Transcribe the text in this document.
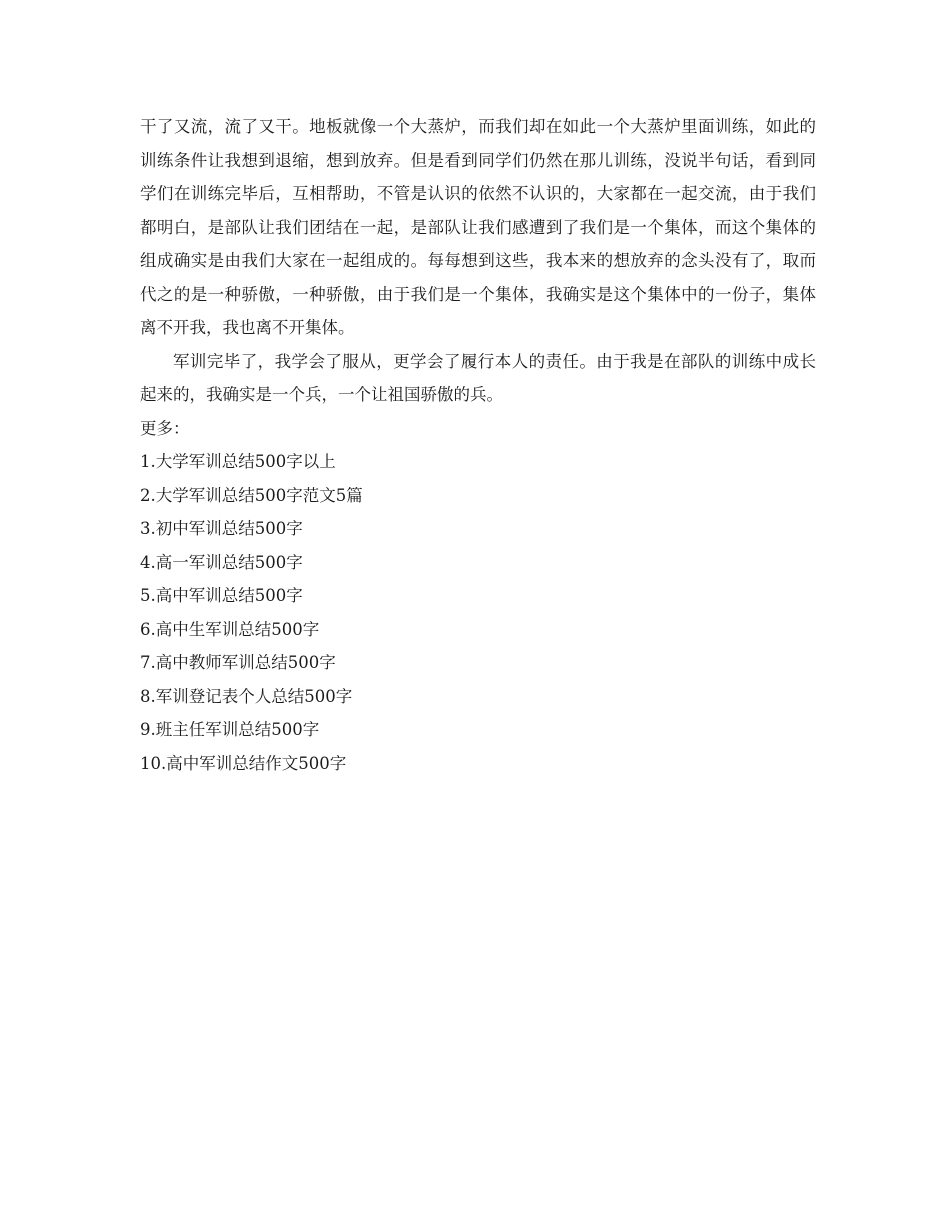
干了又流，流了又干。地板就像一个大蒸炉，而我们却在如此一个大蒸炉里面训练，如此的训练条件让我想到退缩，想到放弃。但是看到同学们仍然在那儿训练，没说半句话，看到同学们在训练完毕后，互相帮助，不管是认识的依然不认识的，大家都在一起交流，由于我们都明白，是部队让我们团结在一起，是部队让我们感遭到了我们是一个集体，而这个集体的组成确实是由我们大家在一起组成的。每每想到这些，我本来的想放弃的念头没有了，取而代之的是一种骄傲，一种骄傲，由于我们是一个集体，我确实是这个集体中的一份子，集体离不开我，我也离不开集体。

军训完毕了，我学会了服从，更学会了履行本人的责任。由于我是在部队的训练中成长起来的，我确实是一个兵，一个让祖国骄傲的兵。

更多：

1.大学军训总结500字以上
2.大学军训总结500字范文5篇
3.初中军训总结500字
4.高一军训总结500字
5.高中军训总结500字
6.高中生军训总结500字
7.高中教师军训总结500字
8.军训登记表个人总结500字
9.班主任军训总结500字
10.高中军训总结作文500字
